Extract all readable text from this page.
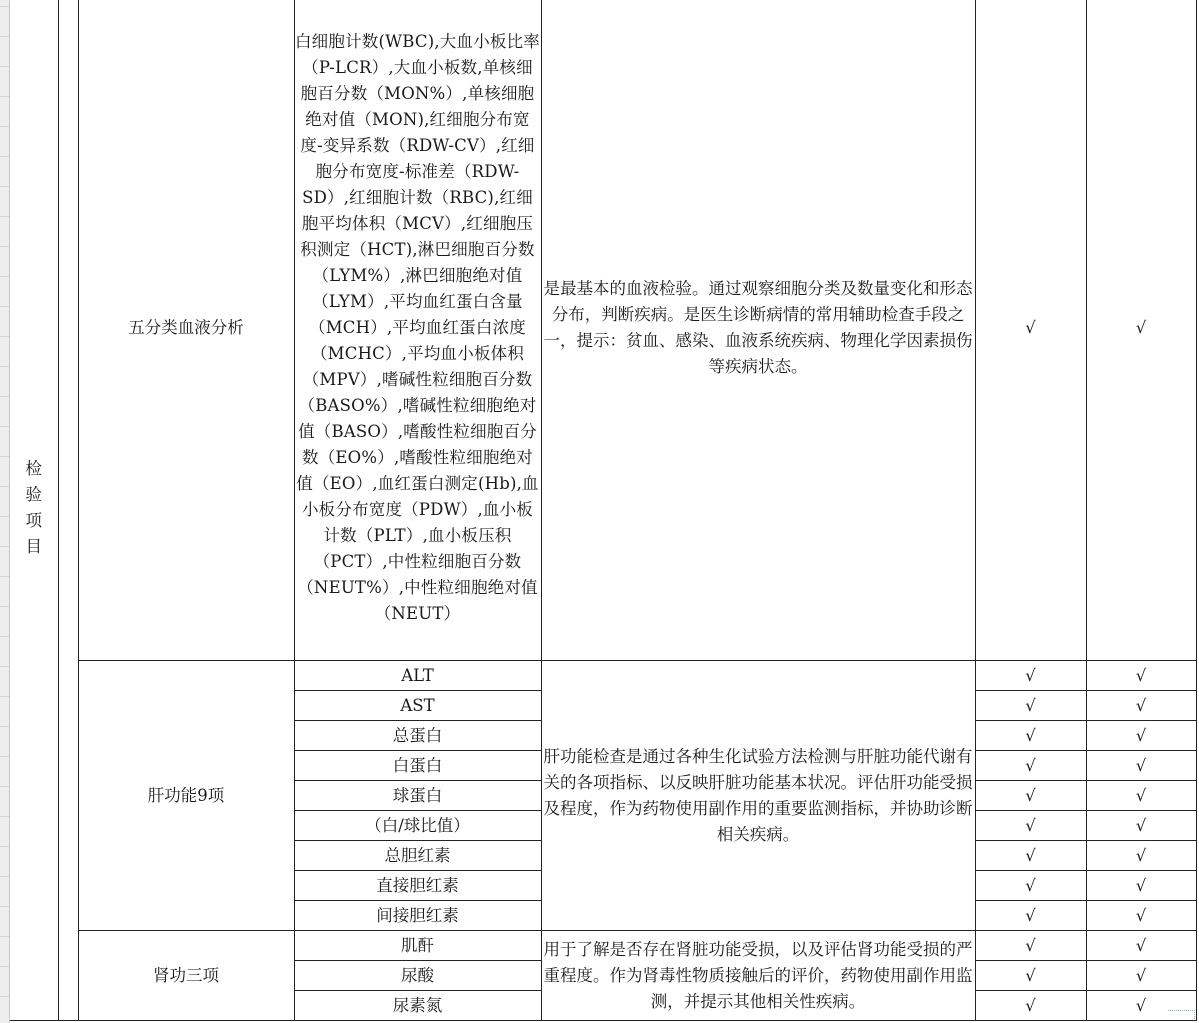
检验项目		五分类血液分析	白细胞计数(WBC),大血小板比率（P-LCR）,大血小板数,单核细胞百分数（MON%）,单核细胞绝对值（MON),红细胞分布宽度-变异系数（RDW-CV）,红细胞分布宽度-标准差（RDW-SD）,红细胞计数（RBC),红细胞平均体积（MCV）,红细胞压积测定（HCT),淋巴细胞百分数（LYM%）,淋巴细胞绝对值（LYM）,平均血红蛋白含量（MCH）,平均血红蛋白浓度（MCHC）,平均血小板体积（MPV）,嗜碱性粒细胞百分数（BASO%）,嗜碱性粒细胞绝对值（BASO）,嗜酸性粒细胞百分数（EO%）,嗜酸性粒细胞绝对值（EO）,血红蛋白测定(Hb),血小板分布宽度（PDW）,血小板计数（PLT）,血小板压积（PCT）,中性粒细胞百分数（NEUT%）,中性粒细胞绝对值（NEUT）	是最基本的血液检验。通过观察细胞分类及数量变化和形态分布，判断疾病。是医生诊断病情的常用辅助检查手段之一，提示：贫血、感染、血液系统疾病、物理化学因素损伤等疾病状态。	√	√
		肝功能9项	ALT	肝功能检查是通过各种生化试验方法检测与肝脏功能代谢有关的各项指标、以反映肝脏功能基本状况。评估肝功能受损及程度，作为药物使用副作用的重要监测指标，并协助诊断相关疾病。	√	√
			AST		√	√
			总蛋白		√	√
			白蛋白		√	√
			球蛋白		√	√
			（白/球比值）		√	√
			总胆红素		√	√
			直接胆红素		√	√
			间接胆红素		√	√
		肾功三项	肌酐	用于了解是否存在肾脏功能受损，以及评估肾功能受损的严重程度。作为肾毒性物质接触后的评价，药物使用副作用监测，并提示其他相关性疾病。	√	√
			尿酸		√	√
			尿素氮		√	√
